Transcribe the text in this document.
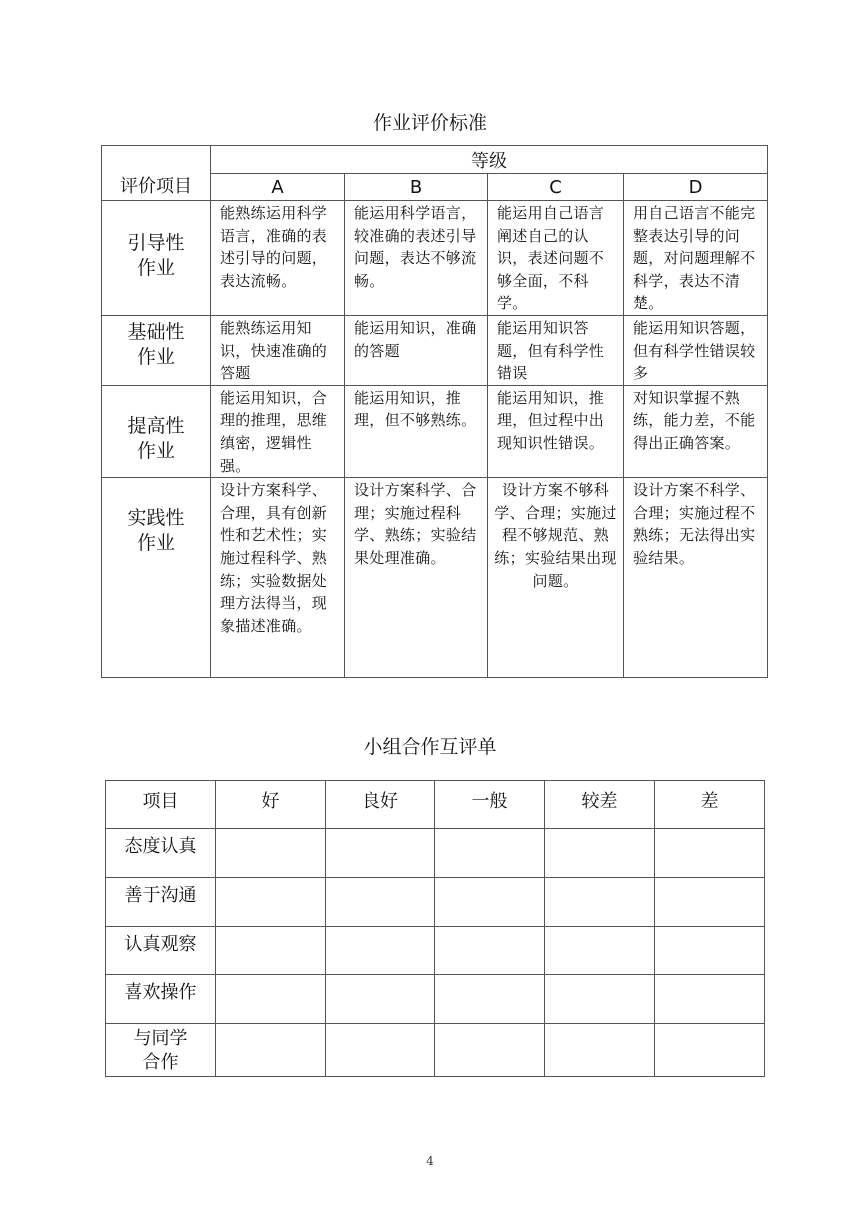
作业评价标准
评价项目	等级			
	A	B	C	D

引导性
作业	能熟练运用科学语言，准确的表述引导的问题，表达流畅。	能运用科学语言，较准确的表述引导问题，表达不够流畅。	能运用自己语言阐述自己的认识，表述问题不够全面，不科学。	用自己语言不能完整表达引导的问题，对问题理解不科学，表达不清楚。

基础性
作业	能熟练运用知识，快速准确的答题	能运用知识，准确的答题	能运用知识答题，但有科学性错误	能运用知识答题，但有科学性错误较多

提高性
作业	能运用知识，合理的推理，思维缜密，逻辑性强。	能运用知识，推理，但不够熟练。	能运用知识，推理，但过程中出现知识性错误。	对知识掌握不熟练，能力差，不能得出正确答案。

实践性
作业	设计方案科学、合理，具有创新性和艺术性；实施过程科学、熟练；实验数据处理方法得当，现象描述准确。	设计方案科学、合理；实施过程科学、熟练；实验结果处理准确。	设计方案不够科学、合理；实施过程不够规范、熟练；实验结果出现问题。	设计方案不科学、合理；实施过程不熟练；无法得出实验结果。
小组合作互评单
项目	好	良好	一般	较差	差
态度认真					
善于沟通					
认真观察					
喜欢操作					

与同学
合作					

4
